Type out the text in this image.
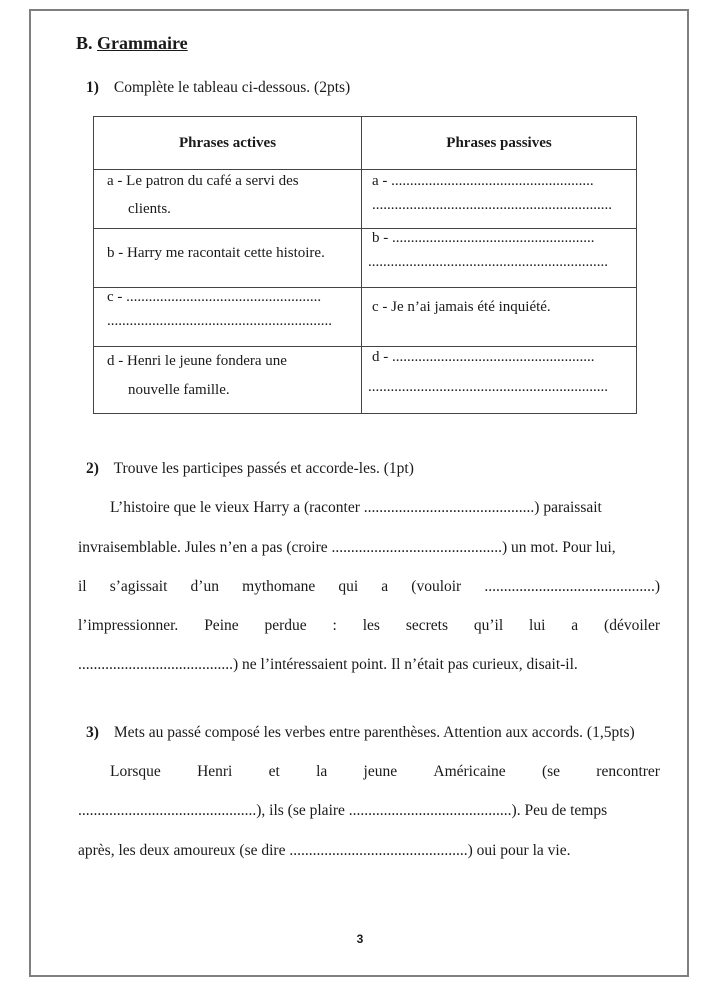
B. Grammaire
1) Complète le tableau ci-dessous. (2pts)
Phrases actives	Phrases passives

a - Le patron du café a servi des
clients.	a - ......................................................
................................................................

b - Harry me racontait cette histoire.	b - ......................................................
................................................................

c - ....................................................
............................................................	c - Je n’ai jamais été inquiété.

d - Henri le jeune fondera une
nouvelle famille.	d - ......................................................
................................................................
2) Trouve les participes passés et accorde-les. (1pt)
L’histoire que le vieux Harry a (raconter ............................................) paraissait
invraisemblable. Jules n’en a pas (croire ............................................) un mot. Pour lui,
il s’agissait d’un mythomane qui a (vouloir ............................................)
l’impressionner. Peine perdue : les secrets qu’il lui a (dévoiler
........................................) ne l’intéressaient point. Il n’était pas curieux, disait-il.
3) Mets au passé composé les verbes entre parenthèses. Attention aux accords. (1,5pts)
Lorsque Henri et la jeune Américaine (se rencontrer
..............................................), ils (se plaire ..........................................). Peu de temps
après, les deux amoureux (se dire ..............................................) oui pour la vie.
3
